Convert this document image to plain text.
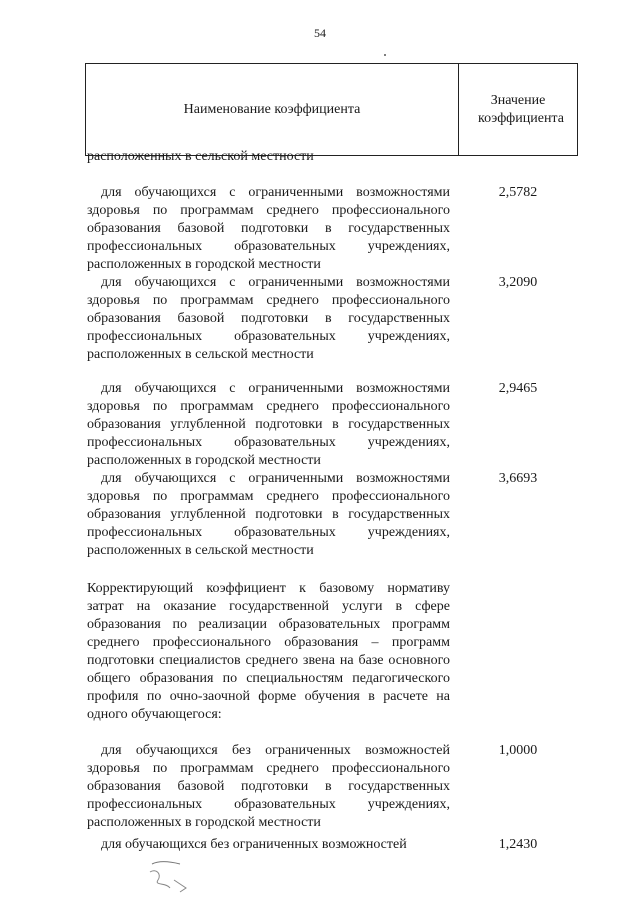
54
Наименование коэффициента
Значение коэффициента
расположенных в сельской местности
для обучающихся с ограниченными возможностями здоровья по программам среднего профессионального образования базовой подготовки в государственных профессиональных образовательных учреждениях, расположенных в городской местности
2,5782
для обучающихся с ограниченными возможностями здоровья по программам среднего профессионального образования базовой подготовки в государственных профессиональных образовательных учреждениях, расположенных в сельской местности
3,2090
для обучающихся с ограниченными возможностями здоровья по программам среднего профессионального образования углубленной подготовки в государственных профессиональных образовательных учреждениях, расположенных в городской местности
2,9465
для обучающихся с ограниченными возможностями здоровья по программам среднего профессионального образования углубленной подготовки в государственных профессиональных образовательных учреждениях, расположенных в сельской местности
3,6693
Корректирующий коэффициент к базовому нормативу затрат на оказание государственной услуги в сфере образования по реализации образовательных программ среднего профессионального образования – программ подготовки специалистов среднего звена на базе основного общего образования по специальностям педагогического профиля по очно-заочной форме обучения в расчете на одного обучающегося:
для обучающихся без ограниченных возможностей здоровья по программам среднего профессионального образования базовой подготовки в государственных профессиональных образовательных учреждениях, расположенных в городской местности
1,0000
для обучающихся без ограниченных возможностей	1,2430
